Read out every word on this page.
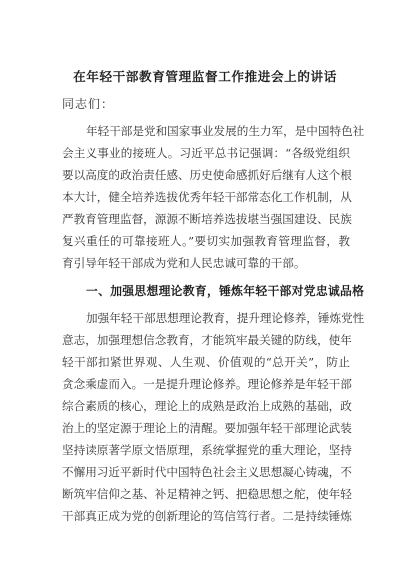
在年轻干部教育管理监督工作推进会上的讲话
同志们：
年轻干部是党和国家事业发展的生力军，是中国特色社
会主义事业的接班人。习近平总书记强调：“各级党组织
要以高度的政治责任感、历史使命感抓好后继有人这个根
本大计，健全培养选拔优秀年轻干部常态化工作机制，从
严教育管理监督，源源不断培养选拔堪当强国建设、民族
复兴重任的可靠接班人。”要切实加强教育管理监督，教
育引导年轻干部成为党和人民忠诚可靠的干部。
一、加强思想理论教育，锤炼年轻干部对党忠诚品格
加强年轻干部思想理论教育，提升理论修养，锤炼党性
意志，加强理想信念教育，才能筑牢最关键的防线，使年
轻干部扣紧世界观、人生观、价值观的“总开关”，防止
贪念乘虚而入。一是提升理论修养。理论修养是年轻干部
综合素质的核心，理论上的成熟是政治上成熟的基础，政
治上的坚定源于理论上的清醒。要加强年轻干部理论武装
坚持读原著学原文悟原理，系统掌握党的重大理论，坚持
不懈用习近平新时代中国特色社会主义思想凝心铸魂，不
断筑牢信仰之基、补足精神之钙、把稳思想之舵，使年轻
干部真正成为党的创新理论的笃信笃行者。二是持续锤炼
